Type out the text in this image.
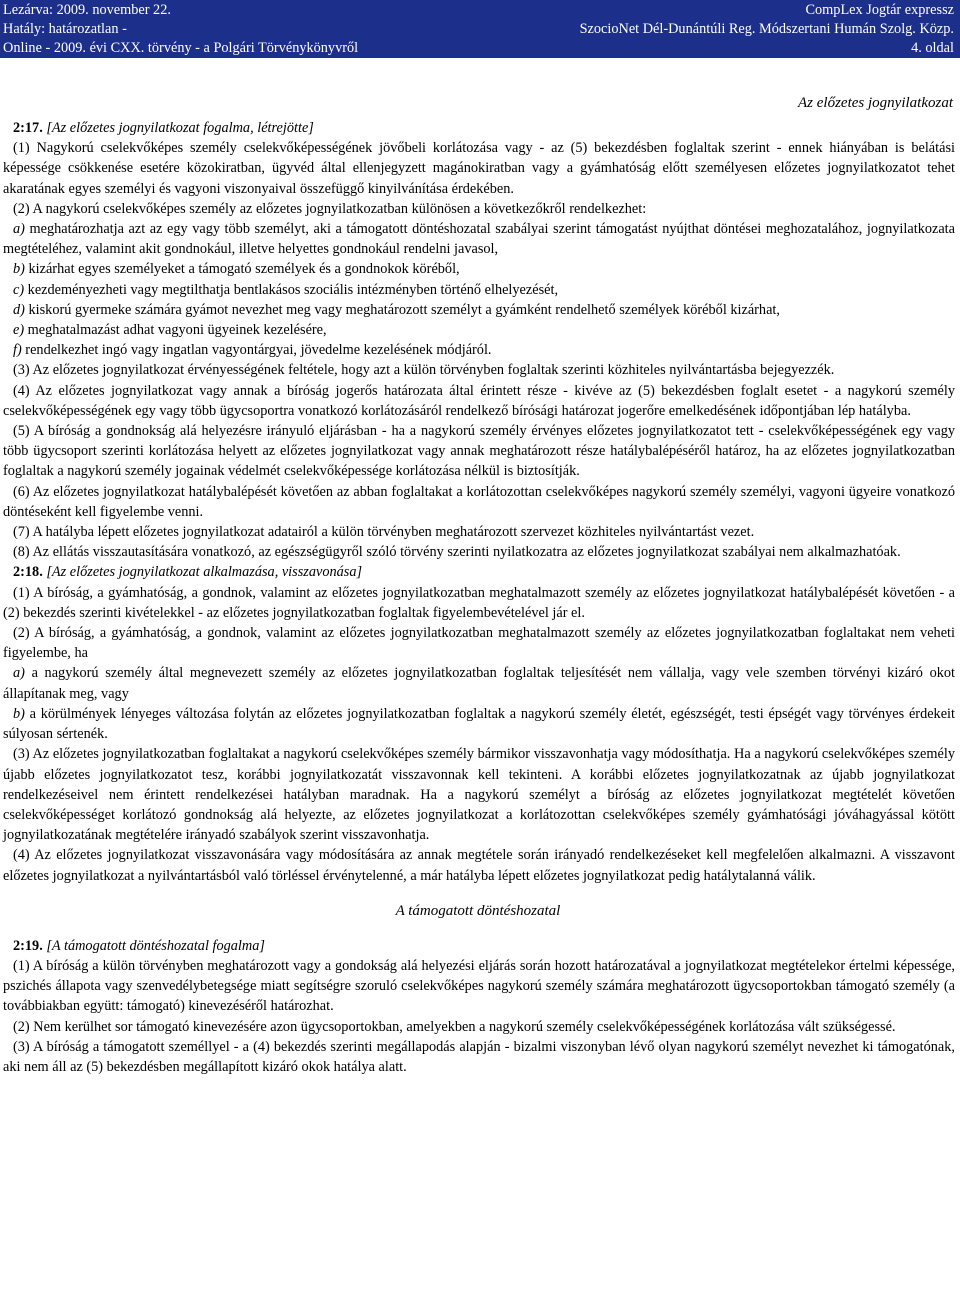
Lezárva: 2009. november 22.	CompLex Jogtár expressz
Hatály: határozatlan -	SzocioNet Dél-Dunántúli Reg. Módszertani Humán Szolg. Közp.
Online - 2009. évi CXX. törvény - a Polgári Törvénykönyvről	4. oldal
Az előzetes jognyilatkozat

2:17. [Az előzetes jognyilatkozat fogalma, létrejötte]

(1) Nagykorú cselekvőképes személy cselekvőképességének jövőbeli korlátozása vagy - az (5) bekezdésben foglaltak szerint - ennek hiányában is belátási képessége csökkenése esetére közokiratban, ügyvéd által ellenjegyzett magánokiratban vagy a gyámhatóság előtt személyesen előzetes jognyilatkozatot tehet akaratának egyes személyi és vagyoni viszonyaival összefüggő kinyilvánítása érdekében.

(2) A nagykorú cselekvőképes személy az előzetes jognyilatkozatban különösen a következőkről rendelkezhet:

a) meghatározhatja azt az egy vagy több személyt, aki a támogatott döntéshozatal szabályai szerint támogatást nyújthat döntései meghozatalához, jognyilatkozata megtételéhez, valamint akit gondnokául, illetve helyettes gondnokául rendelni javasol,

b) kizárhat egyes személyeket a támogató személyek és a gondnokok köréből,

c) kezdeményezheti vagy megtilthatja bentlakásos szociális intézményben történő elhelyezését,

d) kiskorú gyermeke számára gyámot nevezhet meg vagy meghatározott személyt a gyámként rendelhető személyek köréből kizárhat,

e) meghatalmazást adhat vagyoni ügyeinek kezelésére,

f) rendelkezhet ingó vagy ingatlan vagyontárgyai, jövedelme kezelésének módjáról.

(3) Az előzetes jognyilatkozat érvényességének feltétele, hogy azt a külön törvényben foglaltak szerinti közhiteles nyilvántartásba bejegyezzék.

(4) Az előzetes jognyilatkozat vagy annak a bíróság jogerős határozata által érintett része - kivéve az (5) bekezdésben foglalt esetet - a nagykorú személy cselekvőképességének egy vagy több ügycsoportra vonatkozó korlátozásáról rendelkező bírósági határozat jogerőre emelkedésének időpontjában lép hatályba.

(5) A bíróság a gondnokság alá helyezésre irányuló eljárásban - ha a nagykorú személy érvényes előzetes jognyilatkozatot tett - cselekvőképességének egy vagy több ügycsoport szerinti korlátozása helyett az előzetes jognyilatkozat vagy annak meghatározott része hatálybalépéséről határoz, ha az előzetes jognyilatkozatban foglaltak a nagykorú személy jogainak védelmét cselekvőképessége korlátozása nélkül is biztosítják.

(6) Az előzetes jognyilatkozat hatálybalépését követően az abban foglaltakat a korlátozottan cselekvőképes nagykorú személy személyi, vagyoni ügyeire vonatkozó döntéseként kell figyelembe venni.

(7) A hatályba lépett előzetes jognyilatkozat adatairól a külön törvényben meghatározott szervezet közhiteles nyilvántartást vezet.

(8) Az ellátás visszautasítására vonatkozó, az egészségügyről szóló törvény szerinti nyilatkozatra az előzetes jognyilatkozat szabályai nem alkalmazhatóak.

2:18. [Az előzetes jognyilatkozat alkalmazása, visszavonása]

(1) A bíróság, a gyámhatóság, a gondnok, valamint az előzetes jognyilatkozatban meghatalmazott személy az előzetes jognyilatkozat hatálybalépését követően - a (2) bekezdés szerinti kivételekkel - az előzetes jognyilatkozatban foglaltak figyelembevételével jár el.

(2) A bíróság, a gyámhatóság, a gondnok, valamint az előzetes jognyilatkozatban meghatalmazott személy az előzetes jognyilatkozatban foglaltakat nem veheti figyelembe, ha

a) a nagykorú személy által megnevezett személy az előzetes jognyilatkozatban foglaltak teljesítését nem vállalja, vagy vele szemben törvényi kizáró okot állapítanak meg, vagy

b) a körülmények lényeges változása folytán az előzetes jognyilatkozatban foglaltak a nagykorú személy életét, egészségét, testi épségét vagy törvényes érdekeit súlyosan sértenék.

(3) Az előzetes jognyilatkozatban foglaltakat a nagykorú cselekvőképes személy bármikor visszavonhatja vagy módosíthatja. Ha a nagykorú cselekvőképes személy újabb előzetes jognyilatkozatot tesz, korábbi jognyilatkozatát visszavonnak kell tekinteni. A korábbi előzetes jognyilatkozatnak az újabb jognyilatkozat rendelkezéseivel nem érintett rendelkezései hatályban maradnak. Ha a nagykorú személyt a bíróság az előzetes jognyilatkozat megtételét követően cselekvőképességet korlátozó gondnokság alá helyezte, az előzetes jognyilatkozat a korlátozottan cselekvőképes személy gyámhatósági jóváhagyással kötött jognyilatkozatának megtételére irányadó szabályok szerint visszavonhatja.

(4) Az előzetes jognyilatkozat visszavonására vagy módosítására az annak megtétele során irányadó rendelkezéseket kell megfelelően alkalmazni. A visszavont előzetes jognyilatkozat a nyilvántartásból való törléssel érvénytelenné, a már hatályba lépett előzetes jognyilatkozat pedig hatálytalanná válik.

A támogatott döntéshozatal

2:19. [A támogatott döntéshozatal fogalma]

(1) A bíróság a külön törvényben meghatározott vagy a gondokság alá helyezési eljárás során hozott határozatával a jognyilatkozat megtételekor értelmi képessége, pszichés állapota vagy szenvedélybetegsége miatt segítségre szoruló cselekvőképes nagykorú személy számára meghatározott ügycsoportokban támogató személy (a továbbiakban együtt: támogató) kinevezéséről határozhat.

(2) Nem kerülhet sor támogató kinevezésére azon ügycsoportokban, amelyekben a nagykorú személy cselekvőképességének korlátozása vált szükségessé.

(3) A bíróság a támogatott személlyel - a (4) bekezdés szerinti megállapodás alapján - bizalmi viszonyban lévő olyan nagykorú személyt nevezhet ki támogatónak, aki nem áll az (5) bekezdésben megállapított kizáró okok hatálya alatt.
